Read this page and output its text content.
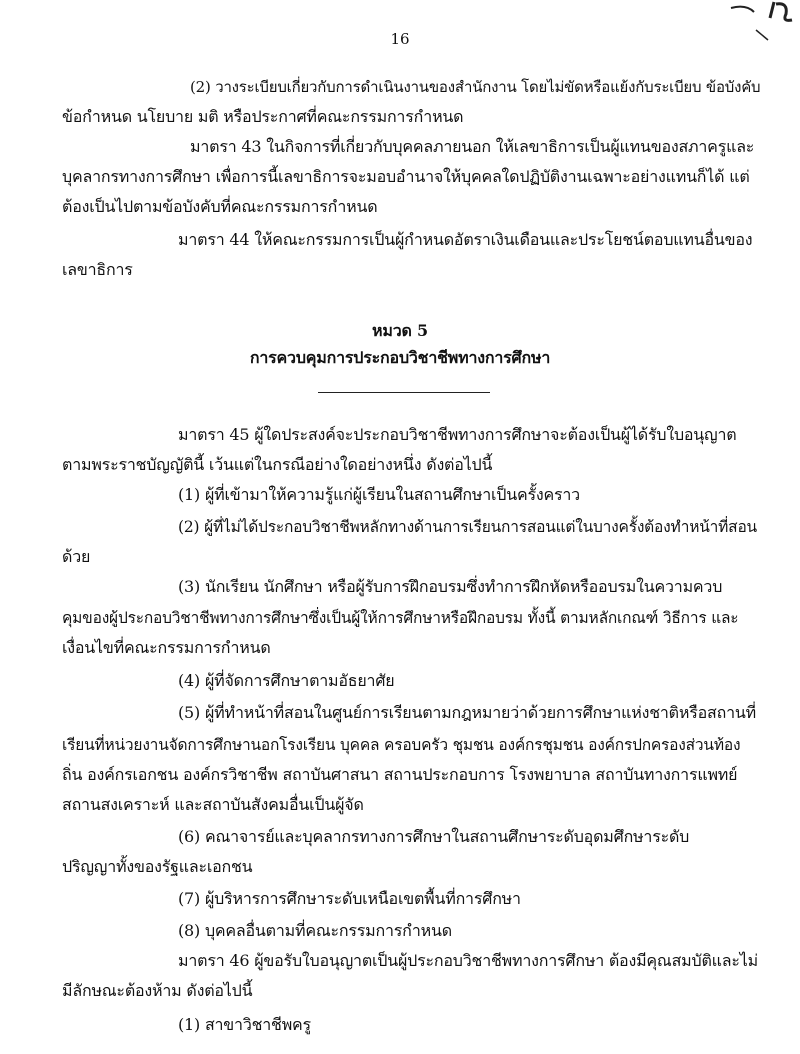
16
(2) วางระเบียบเกี่ยวกับการดำเนินงานของสำนักงาน โดยไม่ขัดหรือแย้งกับระเบียบ ข้อบังคับ
ข้อกำหนด นโยบาย มติ หรือประกาศที่คณะกรรมการกำหนด
มาตรา 43 ในกิจการที่เกี่ยวกับบุคคลภายนอก ให้เลขาธิการเป็นผู้แทนของสภาครูและ
บุคลากรทางการศึกษา เพื่อการนี้เลขาธิการจะมอบอำนาจให้บุคคลใดปฏิบัติงานเฉพาะอย่างแทนก็ได้ แต่
ต้องเป็นไปตามข้อบังคับที่คณะกรรมการกำหนด
มาตรา 44 ให้คณะกรรมการเป็นผู้กำหนดอัตราเงินเดือนและประโยชน์ตอบแทนอื่นของ
เลขาธิการ
หมวด 5
การควบคุมการประกอบวิชาชีพทางการศึกษา
มาตรา 45 ผู้ใดประสงค์จะประกอบวิชาชีพทางการศึกษาจะต้องเป็นผู้ได้รับใบอนุญาต
ตามพระราชบัญญัตินี้ เว้นแต่ในกรณีอย่างใดอย่างหนึ่ง ดังต่อไปนี้
(1) ผู้ที่เข้ามาให้ความรู้แก่ผู้เรียนในสถานศึกษาเป็นครั้งคราว
(2) ผู้ที่ไม่ได้ประกอบวิชาชีพหลักทางด้านการเรียนการสอนแต่ในบางครั้งต้องทำหน้าที่สอน
ด้วย
(3) นักเรียน นักศึกษา หรือผู้รับการฝึกอบรมซึ่งทำการฝึกหัดหรืออบรมในความควบ
คุมของผู้ประกอบวิชาชีพทางการศึกษาซึ่งเป็นผู้ให้การศึกษาหรือฝึกอบรม ทั้งนี้ ตามหลักเกณฑ์ วิธีการ และ
เงื่อนไขที่คณะกรรมการกำหนด
(4) ผู้ที่จัดการศึกษาตามอัธยาศัย
(5) ผู้ที่ทำหน้าที่สอนในศูนย์การเรียนตามกฎหมายว่าด้วยการศึกษาแห่งชาติหรือสถานที่
เรียนที่หน่วยงานจัดการศึกษานอกโรงเรียน บุคคล ครอบครัว ชุมชน องค์กรชุมชน องค์กรปกครองส่วนท้อง
ถิ่น องค์กรเอกชน องค์กรวิชาชีพ สถาบันศาสนา สถานประกอบการ โรงพยาบาล สถาบันทางการแพทย์
สถานสงเคราะห์ และสถาบันสังคมอื่นเป็นผู้จัด
(6) คณาจารย์และบุคลากรทางการศึกษาในสถานศึกษาระดับอุดมศึกษาระดับ
ปริญญาทั้งของรัฐและเอกชน
(7) ผู้บริหารการศึกษาระดับเหนือเขตพื้นที่การศึกษา
(8) บุคคลอื่นตามที่คณะกรรมการกำหนด
มาตรา 46 ผู้ขอรับใบอนุญาตเป็นผู้ประกอบวิชาชีพทางการศึกษา ต้องมีคุณสมบัติและไม่
มีลักษณะต้องห้าม ดังต่อไปนี้
(1) สาขาวิชาชีพครู
